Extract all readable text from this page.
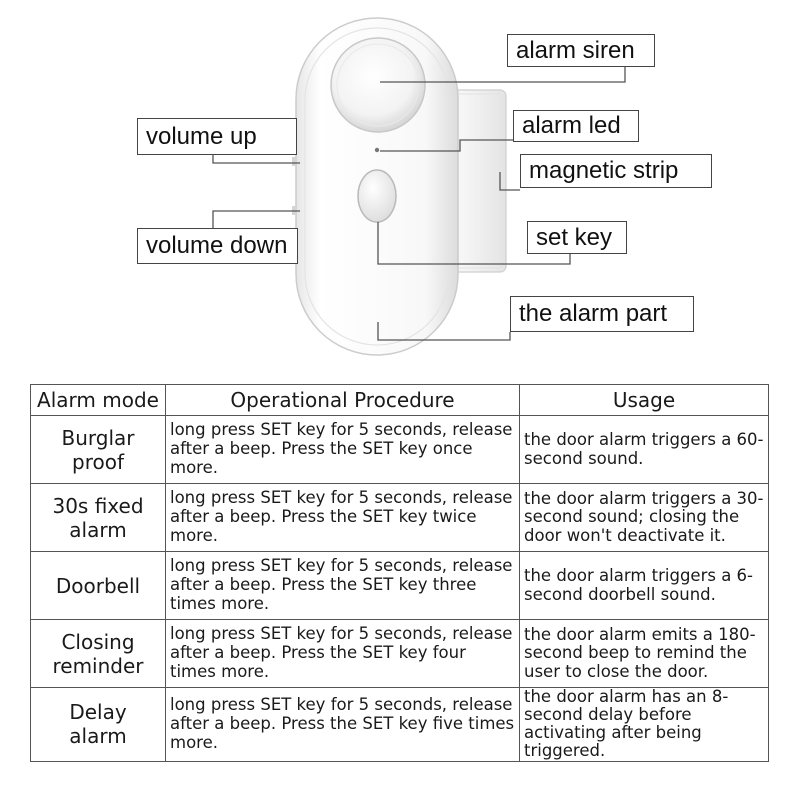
alarm siren
alarm led
magnetic strip
set key
the alarm part
volume up
volume down
Alarm mode	Operational Procedure	Usage

Burglar
proof	long press SET key for 5 seconds, release after a beep. Press the SET key once more.	the door alarm triggers a 60-second sound.

30s fixed
alarm	long press SET key for 5 seconds, release after a beep. Press the SET key twice more.	the door alarm triggers a 30-second sound; closing the door won't deactivate it.

Doorbell	long press SET key for 5 seconds, release after a beep. Press the SET key three times more.	the door alarm triggers a 6-second doorbell sound.

Closing
reminder	long press SET key for 5 seconds, release after a beep. Press the SET key four times more.	the door alarm emits a 180-second beep to remind the user to close the door.

Delay
alarm	long press SET key for 5 seconds, release after a beep. Press the SET key five times more.	the door alarm has an 8-second delay before activating after being triggered.
